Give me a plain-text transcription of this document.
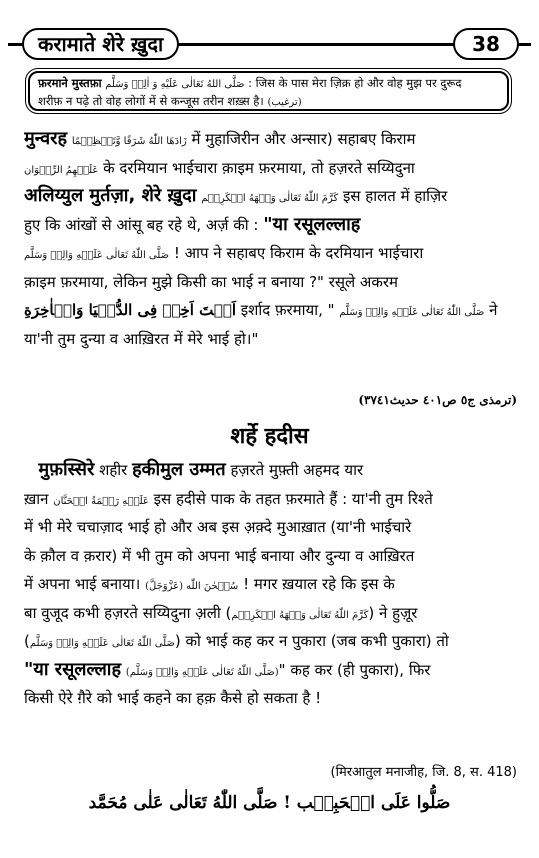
करामाते शेरे ख़ुदा	38
फ़रमाने मुस्तफ़ा صَلَّى اللهُ تَعَالٰى عَلَيْهِ وَ اٰلِهٖ وَسَلَّم : जिस के पास मेरा ज़िक्र हो और वोह मुझ पर दुरूद
शरीफ़ न पढ़े तो वोह लोगों में से कन्जूस तरीन शख़्स है। (ترغیب)

मुन्वरह زَادَهَا اللّٰهُ شَرَفًا وَّتَعۡظِيۡمًا में मुहाजिरीन और अन्सार) सहाबए किराम
عَلَيۡهِمُ الرِّضۡوَان के दरमियान भाईचारा क़ाइम फ़रमाया, तो हज़रते सय्यिदुना
अलिय्युल मुर्तज़ा, शेरे ख़ुदा كَرَّمَ اللّٰهُ تَعَالٰى وَجۡهَهُ الۡكَرِيۡم इस हालत में हाज़िर
हुए कि आंखों से आंसू बह रहे थे, अर्ज़ की : "या रसूलल्लाह
صَلَّى اللّٰهُ تَعَالٰى عَلَيۡهِ وَالِهٖ وَسَلَّم ! आप ने सहाबए किराम के दरमियान भाईचारा
क़ाइम फ़रमाया, लेकिन मुझे किसी का भाई न बनाया ?" रसूले अकरम
اَنۡتَ اَخِیۡ فِی الدُّنۡيَا وَالۡاٰخِرَةِ इर्शाद फ़रमाया, " صَلَّى اللّٰهُ تَعَالٰى عَلَيۡهِ وَالِهٖ وَسَلَّم ने
या'नी तुम दुन्या व आख़िरत में मेरे भाई हो।"

(ترمذی ج٥ ص٤٠١ حدیث٣٧٤١)
शर्हे हदीस

मुफ़स्सिरे शहीर हकीमुल उम्मत हज़रते मुफ़्ती अहमद यार
ख़ान عَلَيۡهِ رَحۡمَةُ الۡحَنَّان इस हदीसे पाक के तहत फ़रमाते हैं : या'नी तुम रिश्ते
में भी मेरे चचाज़ाद भाई हो और अब इस अ़क़्दे मुआख़ात (या'नी भाईचारे
के क़ौल व क़रार) में भी तुम को अपना भाई बनाया और दुन्या व आख़िरत
में अपना भाई बनाया। (سُبۡحٰنَ اللّٰه (عَزَّوَجَلَّ ! मगर ख़याल रहे कि इस के
बा वुजूद कभी हज़रते सय्यिदुना अ़ली (كَرَّمَ اللّٰهُ تَعَالٰى وَجۡهَهُ الۡكَرِيۡم) ने हुज़ूर
(صَلَّى اللّٰهُ تَعَالٰى عَلَيۡهِ وَالِهٖ وَسَلَّم) को भाई कह कर न पुकारा (जब कभी पुकारा) तो
"या रसूलल्लाह (صَلَّى اللّٰهُ تَعَالٰى عَلَيۡهِ وَالِهٖ وَسَلَّم)" कह कर (ही पुकारा), फिर
किसी ऐरे ग़ैरे को भाई कहने का हक़ कैसे हो सकता है !

(मिरआतुल मनाजीह, जि. 8, स. 418)
صَلُّوا عَلَى الۡحَبِيۡب ! صَلَّى اللّٰهُ تَعَالٰى عَلٰى مُحَمَّد
